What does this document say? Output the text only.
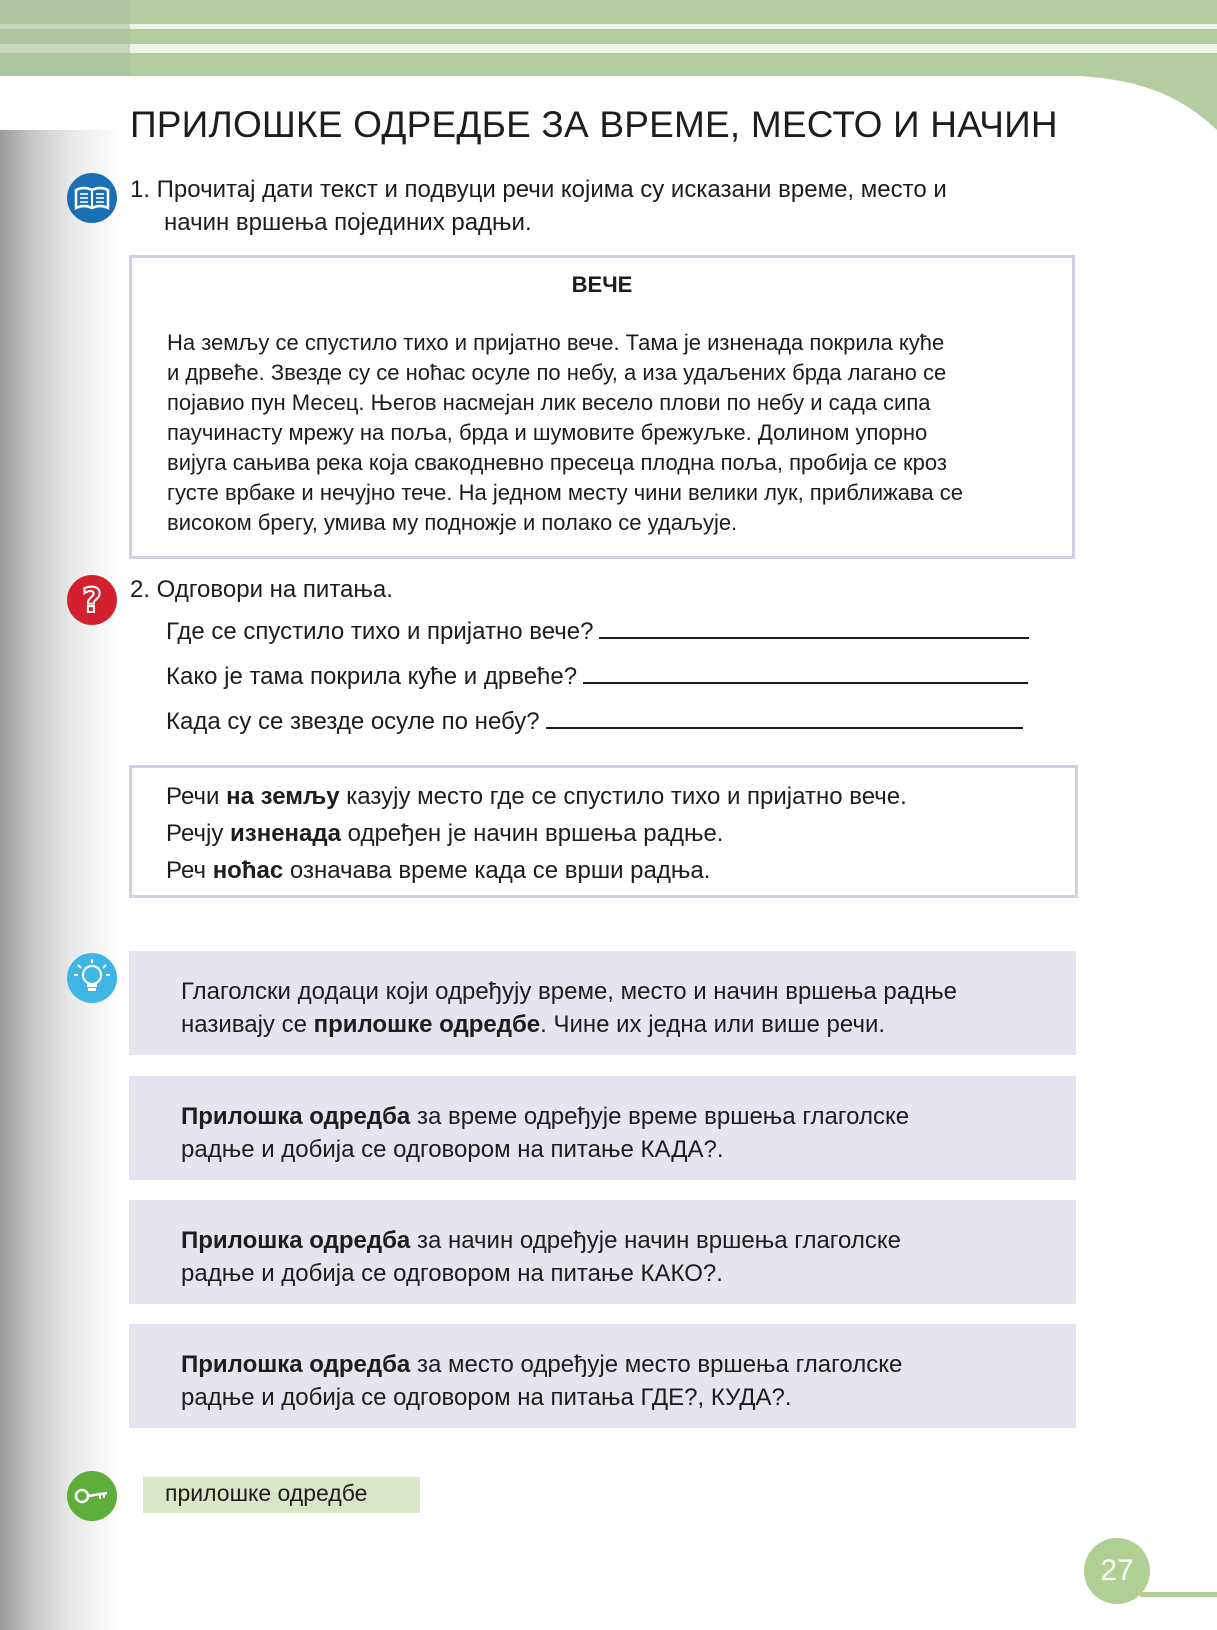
ПРИЛОШКЕ ОДРЕДБЕ ЗА ВРЕМЕ, МЕСТО И НАЧИН
1. Прочитај дати текст и подвуци речи којима су исказани време, место и
начин вршења појединих радњи.
ВЕЧЕ

На земљу се спустило тихо и пријатно вече. Тама је изненада покрила куће
и дрвеће. Звезде су се ноћас осуле по небу, а иза удаљених брда лагано се
појавио пун Месец. Његов насмејан лик весело плови по небу и сада сипа
паучинасту мрежу на поља, брда и шумовите брежуљке. Долином упорно
вијуга сањива река која свакодневно пресеца плодна поља, пробија се кроз
густе врбаке и нечујно тече. На једном месту чини велики лук, приближава се
високом брегу, умива му подножје и полако се удаљује.

? 2. Одговори на питања.
Где се спустило тихо и пријатно вече?
Како је тама покрила куће и дрвеће?
Када су се звезде осуле по небу?
Речи на земљу казују место где се спустило тихо и пријатно вече.
Речју изненада одређен је начин вршења радње.
Реч ноћас означава време када се врши радња.
Глаголски додаци који одређују време, место и начин вршења радње
називају се прилошке одредбе. Чине их једна или више речи.
Прилошка одредба за време одређује време вршења глаголске
радње и добија се одговором на питање КАДА?.
Прилошка одредба за начин одређује начин вршења глаголске
радње и добија се одговором на питање КАКО?.
Прилошка одредба за место одређује место вршења глаголске
радње и добија се одговором на питања ГДЕ?, КУДА?.
прилошке одредбе
27
